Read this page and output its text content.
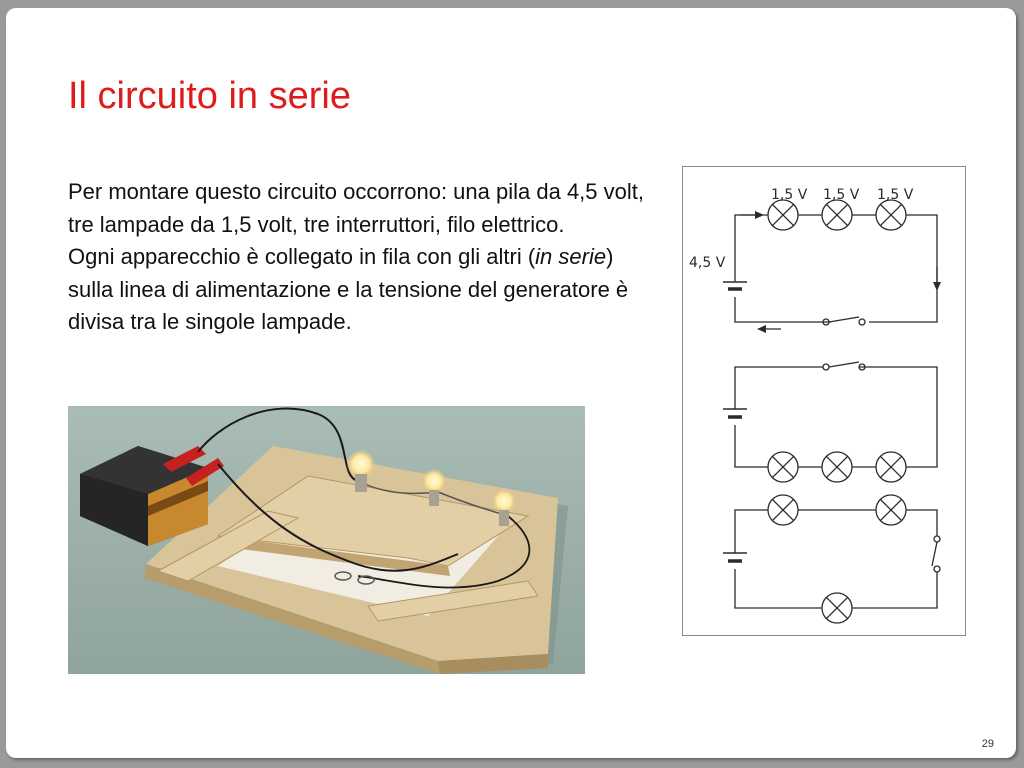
Il circuito in serie

Per montare questo circuito occorrono: una pila da 4,5 volt, tre lampade da 1,5 volt, tre interruttori, filo elettrico.

Ogni apparecchio è collegato in fila con gli altri (in serie) sulla linea di alimentazione e la tensione del generatore è divisa tra le singole lampade.

1,5 V 1,5 V 1,5 V
4,5 V
29
